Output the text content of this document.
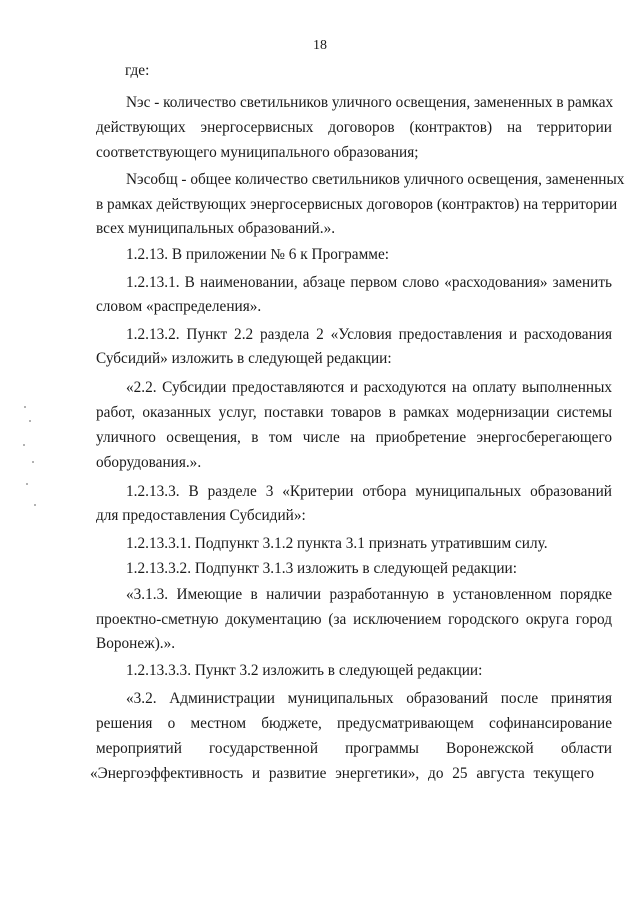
18
где:
Nэс - количество светильников уличного освещения, замененных в рамках
действующих энергосервисных договоров (контрактов) на территории
соответствующего муниципального образования;
Nэсобщ - общее количество светильников уличного освещения, замененных
в рамках действующих энергосервисных договоров (контрактов) на территории
всех муниципальных образований.».
1.2.13. В приложении № 6 к Программе:
1.2.13.1. В наименовании, абзаце первом слово «расходования» заменить
словом «распределения».
1.2.13.2. Пункт 2.2 раздела 2 «Условия предоставления и расходования
Субсидий» изложить в следующей редакции:
«2.2. Субсидии предоставляются и расходуются на оплату выполненных
работ, оказанных услуг, поставки товаров в рамках модернизации системы
уличного освещения, в том числе на приобретение энергосберегающего
оборудования.».
1.2.13.3. В разделе 3 «Критерии отбора муниципальных образований
для предоставления Субсидий»:
1.2.13.3.1. Подпункт 3.1.2 пункта 3.1 признать утратившим силу.
1.2.13.3.2. Подпункт 3.1.3 изложить в следующей редакции:
«3.1.3. Имеющие в наличии разработанную в установленном порядке
проектно-сметную документацию (за исключением городского округа город
Воронеж).».
1.2.13.3.3. Пункт 3.2 изложить в следующей редакции:
«3.2. Администрации муниципальных образований после принятия
решения о местном бюджете, предусматривающем софинансирование
мероприятий государственной программы Воронежской области
«Энергоэффективность и развитие энергетики», до 25 августа текущего
